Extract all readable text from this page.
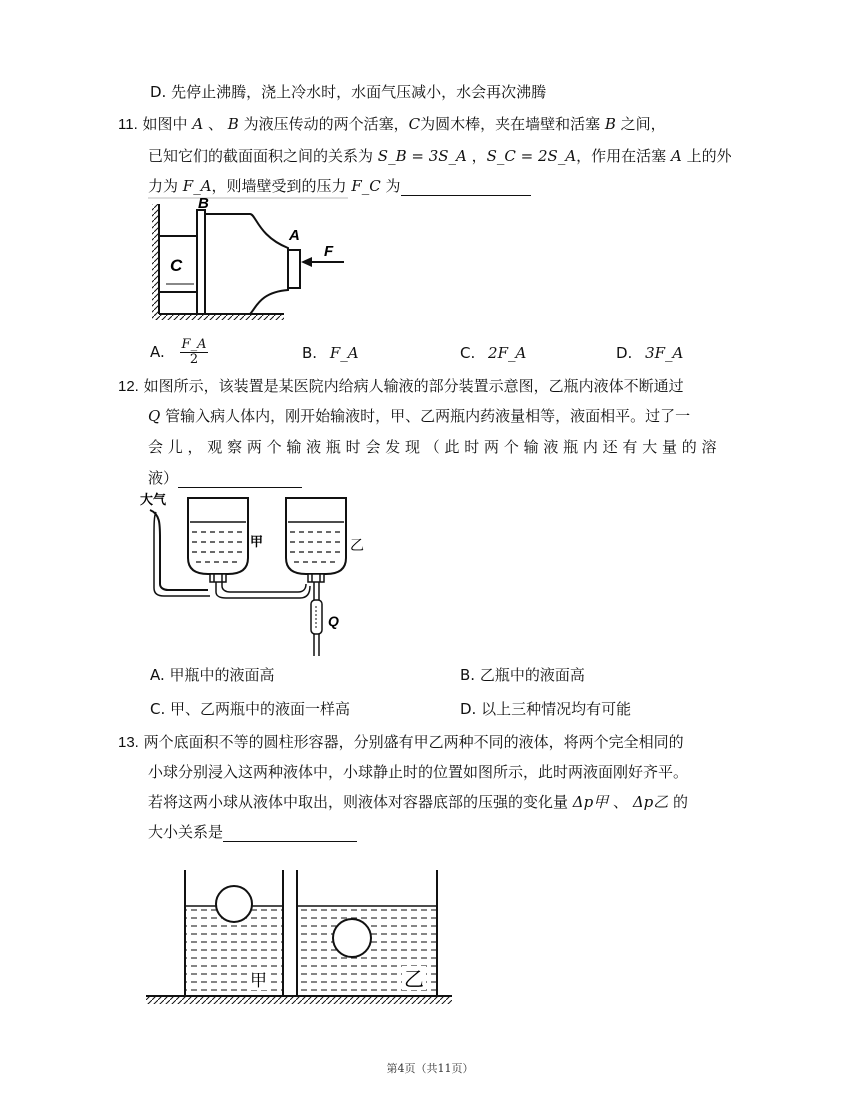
D. 先停止沸腾，浇上冷水时，水面气压减小，水会再次沸腾
11. 如图中 A 、 B 为液压传动的两个活塞，C为圆木棒，夹在墙壁和活塞 B 之间，
已知它们的截面面积之间的关系为 S_B = 3S_A ，S_C = 2S_A，作用在活塞 A 上的外
力为 F_A，则墙壁受到的压力 F_C 为
B
A
C
F
A. $\frac{F\_A}{2}$	B. F_A	C. 2F_A	D. 3F_A
12. 如图所示，该装置是某医院内给病人输液的部分装置示意图，乙瓶内液体不断通过
Q 管输入病人体内，刚开始输液时，甲、乙两瓶内药液量相等，液面相平。过了一
会 儿 ， 观 察 两 个 输 液 瓶 时 会 发 现 （ 此 时 两 个 输 液 瓶 内 还 有 大 量 的 溶
液）
大气
甲	乙
Q
A. 甲瓶中的液面高	B. 乙瓶中的液面高
C. 甲、乙两瓶中的液面一样高	D. 以上三种情况均有可能
13. 两个底面积不等的圆柱形容器，分别盛有甲乙两种不同的液体，将两个完全相同的
小球分别浸入这两种液体中，小球静止时的位置如图所示，此时两液面刚好齐平。
若将这两小球从液体中取出，则液体对容器底部的压强的变化量 Δp甲 、 Δp乙 的
大小关系是
甲	乙
第4页（共11页）
